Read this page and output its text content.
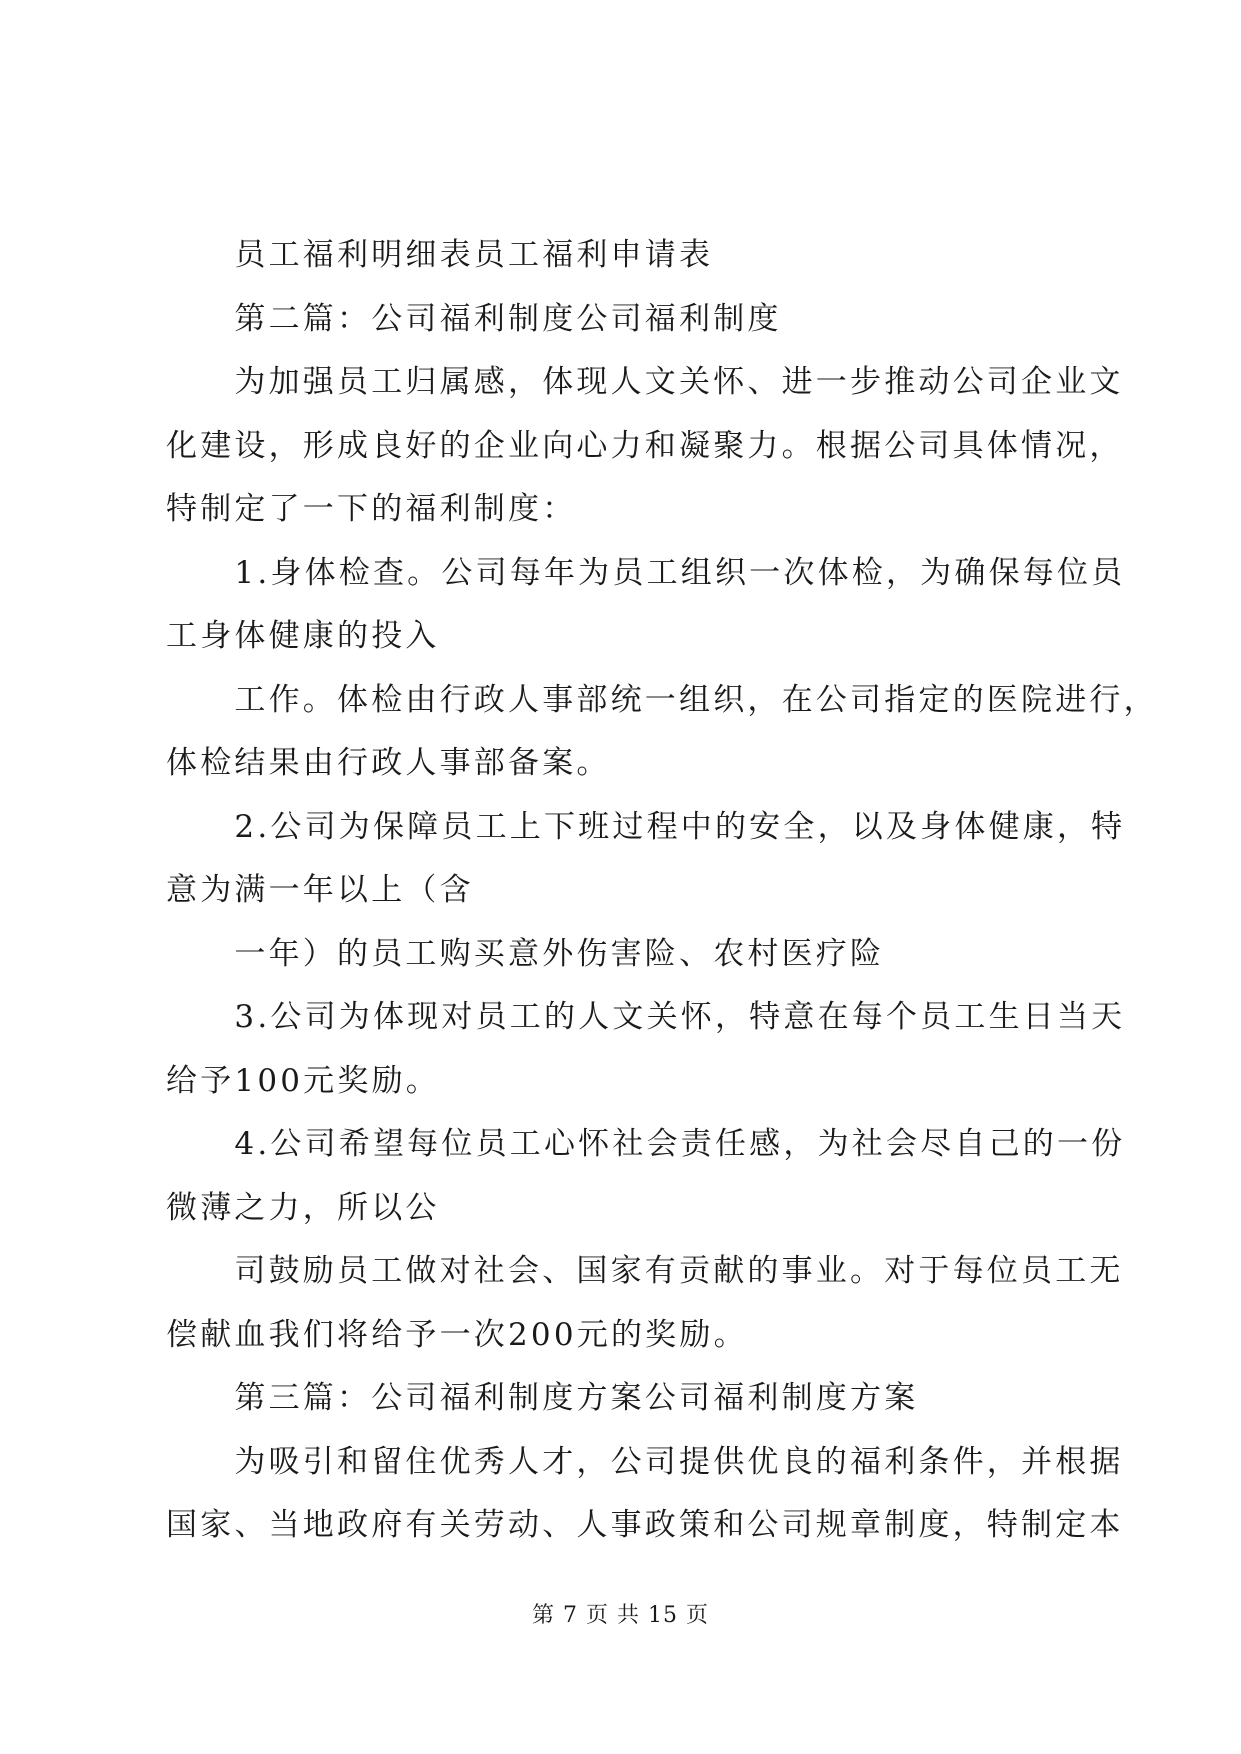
　　员工福利明细表员工福利申请表

　　第二篇：公司福利制度公司福利制度

　　为加强员工归属感，体现人文关怀、进一步推动公司企业文
化建设，形成良好的企业向心力和凝聚力。根据公司具体情况，
特制定了一下的福利制度：

　　1.身体检查。公司每年为员工组织一次体检，为确保每位员
工身体健康的投入

　　工作。体检由行政人事部统一组织，在公司指定的医院进行，
体检结果由行政人事部备案。

　　2.公司为保障员工上下班过程中的安全，以及身体健康，特
意为满一年以上（含

　　一年）的员工购买意外伤害险、农村医疗险

　　3.公司为体现对员工的人文关怀，特意在每个员工生日当天
给予100元奖励。

　　4.公司希望每位员工心怀社会责任感，为社会尽自己的一份
微薄之力，所以公

　　司鼓励员工做对社会、国家有贡献的事业。对于每位员工无
偿献血我们将给予一次200元的奖励。

　　第三篇：公司福利制度方案公司福利制度方案

　　为吸引和留住优秀人才，公司提供优良的福利条件，并根据
国家、当地政府有关劳动、人事政策和公司规章制度，特制定本

第 7 页 共 15 页
